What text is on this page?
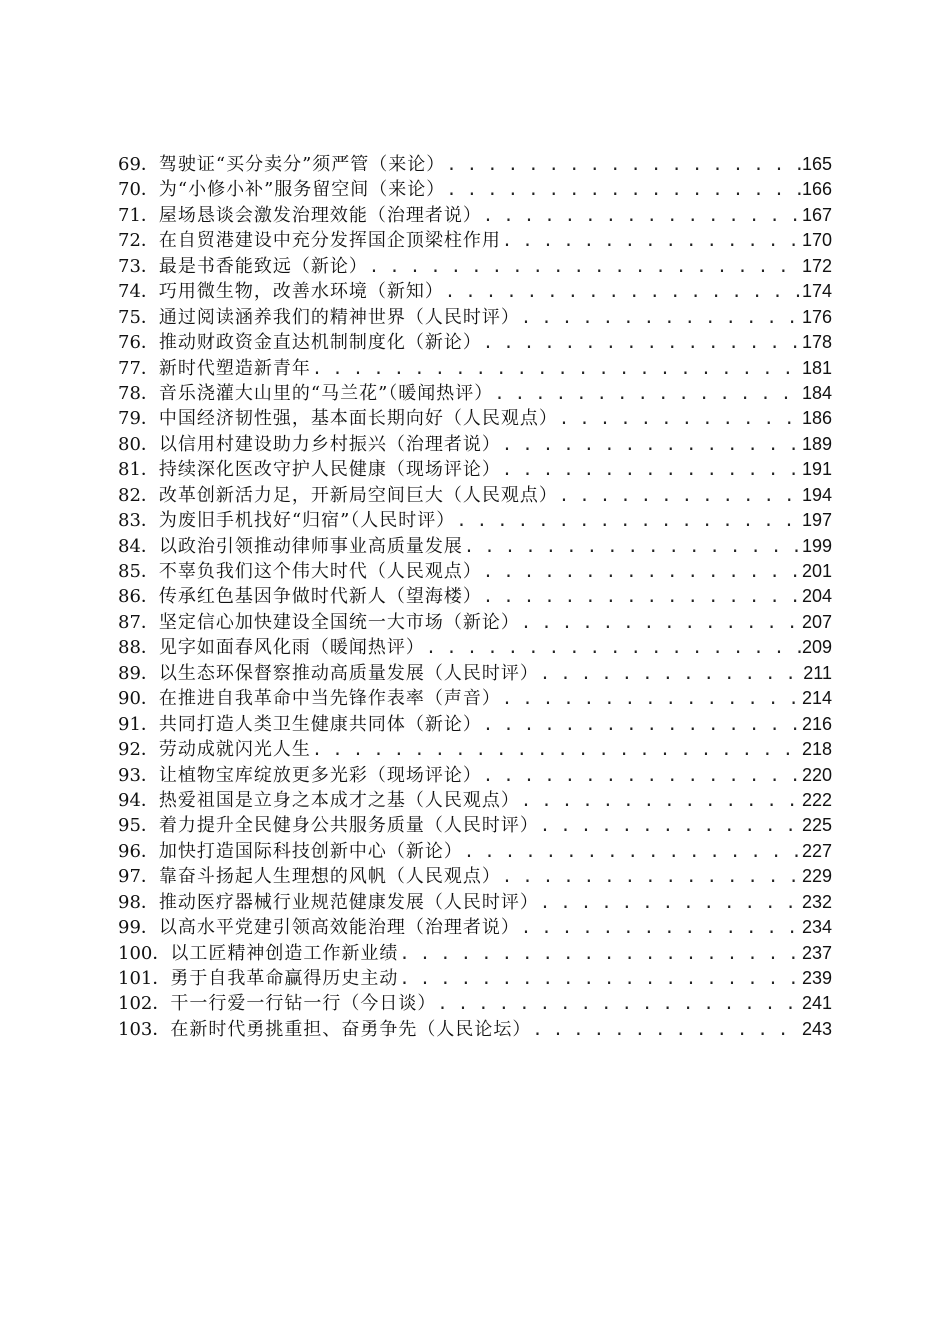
69． 驾驶证“买分卖分”须严管（来论） . . .	165
70． 为“小修小补”服务留空间（来论） . . .	166
71． 屋场恳谈会激发治理效能（治理者说） . . .	167
72． 在自贸港建设中充分发挥国企顶梁柱作用 . . .	170
73． 最是书香能致远（新论） . . .	172
74． 巧用微生物，改善水环境（新知） . . .	174
75． 通过阅读涵养我们的精神世界（人民时评） . . .	176
76． 推动财政资金直达机制制度化（新论） . . .	178
77． 新时代塑造新青年 . . .	181
78． 音乐浇灌大山里的“马兰花”（暖闻热评） . . .	184
79． 中国经济韧性强，基本面长期向好（人民观点） . . .	186
80． 以信用村建设助力乡村振兴（治理者说） . . .	189
81． 持续深化医改守护人民健康（现场评论） . . .	191
82． 改革创新活力足，开新局空间巨大（人民观点） . . .	194
83． 为废旧手机找好“归宿”（人民时评） . . .	197
84． 以政治引领推动律师事业高质量发展 . . .	199
85． 不辜负我们这个伟大时代（人民观点） . . .	201
86． 传承红色基因争做时代新人（望海楼） . . .	204
87． 坚定信心加快建设全国统一大市场（新论） . . .	207
88． 见字如面春风化雨（暖闻热评） . . .	209
89． 以生态环保督察推动高质量发展（人民时评） . . .	211
90． 在推进自我革命中当先锋作表率（声音） . . .	214
91． 共同打造人类卫生健康共同体（新论） . . .	216
92． 劳动成就闪光人生 . . .	218
93． 让植物宝库绽放更多光彩（现场评论） . . .	220
94． 热爱祖国是立身之本成才之基（人民观点） . . .	222
95． 着力提升全民健身公共服务质量（人民时评） . . .	225
96． 加快打造国际科技创新中心（新论） . . .	227
97． 靠奋斗扬起人生理想的风帆（人民观点） . . .	229
98． 推动医疗器械行业规范健康发展（人民时评） . . .	232
99． 以高水平党建引领高效能治理（治理者说） . . .	234
100． 以工匠精神创造工作新业绩 . . .	237
101． 勇于自我革命赢得历史主动 . . .	239
102． 干一行爱一行钻一行（今日谈） . . .	241
103． 在新时代勇挑重担、奋勇争先（人民论坛） . . .	243
